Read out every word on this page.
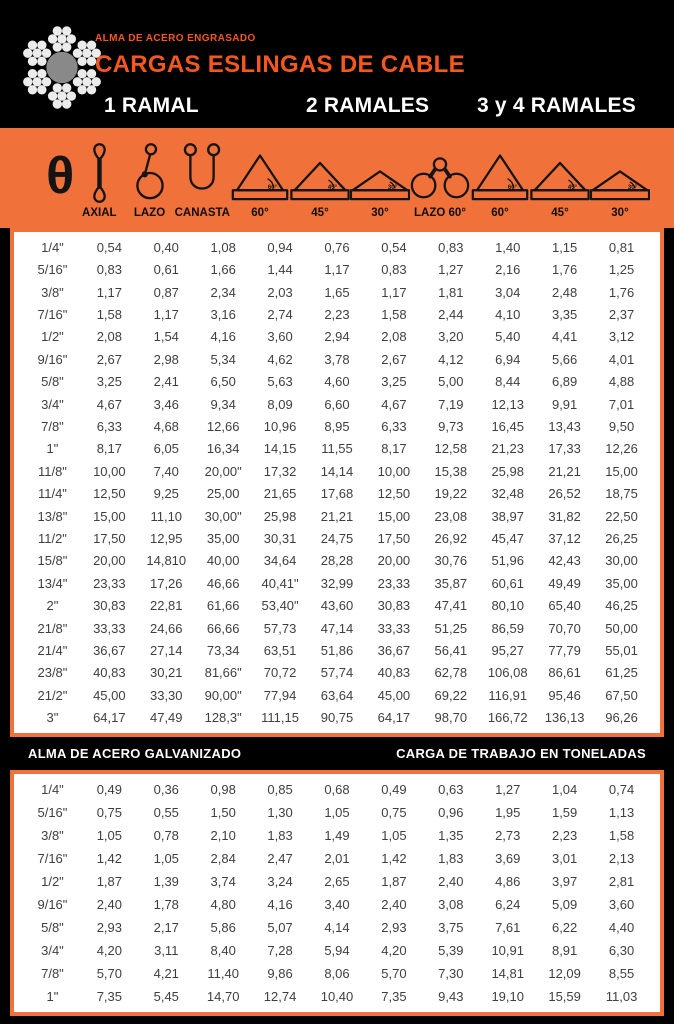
ALMA DE ACERO ENGRASADO
CARGAS ESLINGAS DE CABLE
1 RAMAL	2 RAMALES 3 y 4 RAMALES
θ
AXIAL LAZO CANASTA
60°
60°
45°
45°
30°
30° LAZO 60°
60°
60°
45°
45°
30°
30°
1/4"	0,54	0,40	1,08	0,94	0,76	0,54	0,83	1,40	1,15	0,81
5/16"	0,83	0,61	1,66	1,44	1,17	0,83	1,27	2,16	1,76	1,25
3/8"	1,17	0,87	2,34	2,03	1,65	1,17	1,81	3,04	2,48	1,76
7/16"	1,58	1,17	3,16	2,74	2,23	1,58	2,44	4,10	3,35	2,37
1/2"	2,08	1,54	4,16	3,60	2,94	2,08	3,20	5,40	4,41	3,12
9/16"	2,67	2,98	5,34	4,62	3,78	2,67	4,12	6,94	5,66	4,01
5/8"	3,25	2,41	6,50	5,63	4,60	3,25	5,00	8,44	6,89	4,88
3/4"	4,67	3,46	9,34	8,09	6,60	4,67	7,19	12,13	9,91	7,01
7/8"	6,33	4,68	12,66	10,96	8,95	6,33	9,73	16,45	13,43	9,50
1"	8,17	6,05	16,34	14,15	11,55	8,17	12,58	21,23	17,33	12,26
11/8"	10,00	7,40	20,00"	17,32	14,14	10,00	15,38	25,98	21,21	15,00
11/4"	12,50	9,25	25,00	21,65	17,68	12,50	19,22	32,48	26,52	18,75
13/8"	15,00	11,10	30,00"	25,98	21,21	15,00	23,08	38,97	31,82	22,50
11/2"	17,50	12,95	35,00	30,31	24,75	17,50	26,92	45,47	37,12	26,25
15/8"	20,00	14,810	40,00	34,64	28,28	20,00	30,76	51,96	42,43	30,00
13/4"	23,33	17,26	46,66	40,41"	32,99	23,33	35,87	60,61	49,49	35,00
2"	30,83	22,81	61,66	53,40"	43,60	30,83	47,41	80,10	65,40	46,25
21/8"	33,33	24,66	66,66	57,73	47,14	33,33	51,25	86,59	70,70	50,00
21/4"	36,67	27,14	73,34	63,51	51,86	36,67	56,41	95,27	77,79	55,01
23/8"	40,83	30,21	81,66"	70,72	57,74	40,83	62,78	106,08	86,61	61,25
21/2"	45,00	33,30	90,00"	77,94	63,64	45,00	69,22	116,91	95,46	67,50
3"	64,17	47,49	128,3"	111,15	90,75	64,17	98,70	166,72	136,13	96,26
ALMA DE ACERO GALVANIZADO	CARGA DE TRABAJO EN TONELADAS
1/4"	0,49	0,36	0,98	0,85	0,68	0,49	0,63	1,27	1,04	0,74
5/16"	0,75	0,55	1,50	1,30	1,05	0,75	0,96	1,95	1,59	1,13
3/8"	1,05	0,78	2,10	1,83	1,49	1,05	1,35	2,73	2,23	1,58
7/16"	1,42	1,05	2,84	2,47	2,01	1,42	1,83	3,69	3,01	2,13
1/2"	1,87	1,39	3,74	3,24	2,65	1,87	2,40	4,86	3,97	2,81
9/16"	2,40	1,78	4,80	4,16	3,40	2,40	3,08	6,24	5,09	3,60
5/8"	2,93	2,17	5,86	5,07	4,14	2,93	3,75	7,61	6,22	4,40
3/4"	4,20	3,11	8,40	7,28	5,94	4,20	5,39	10,91	8,91	6,30
7/8"	5,70	4,21	11,40	9,86	8,06	5,70	7,30	14,81	12,09	8,55
1"	7,35	5,45	14,70	12,74	10,40	7,35	9,43	19,10	15,59	11,03
